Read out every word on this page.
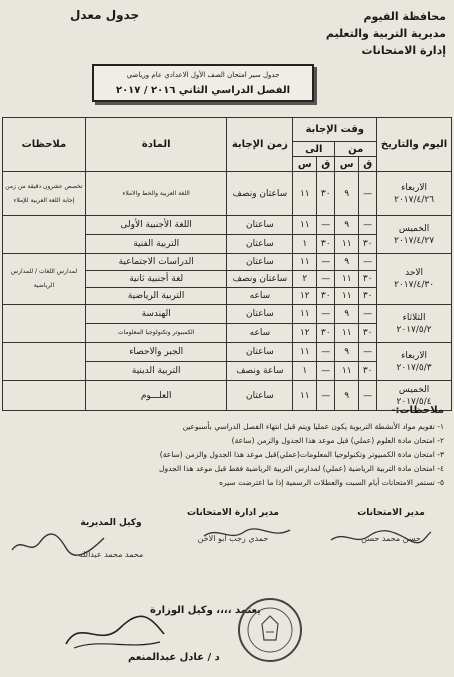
محافظة الفيوم
مديرية التربية والتعليم
إدارة الامتحانات
جدول معدل
جدول سير امتحان الصف الأول الاعدادي عام ورياضي
الفصل الدراسي الثاني ٢٠١٦ / ٢٠١٧
اليوم والتاريخ	وقت الإجابة				زمن الإجابة	المادة	ملاحظات
	من		الى				
	ق	س	ق	س			

الاربعاء
٢٠١٧/٤/٢٦	—	٩	٣٠	١١	ساعتان ونصف	اللغة العربية والخط والاملاء	تخصص عشرون دقيقة من زمن إجابة اللغة العربية للإملاء

الخميس
٢٠١٧/٤/٢٧	—	٩	—	١١	ساعتان	اللغة الأجنبية الأولى	
	٣٠	١١	٣٠	١	ساعتان	التربية الفنية	

الاحد
٢٠١٧/٤/٣٠	—	٩	—	١١	ساعتان	الدراسات الاجتماعية	لمدارس اللغات / للمدارس الرياضية
	٣٠	١١	—	٢	ساعتان ونصف	لغة أجنبية ثانية	
	٣٠	١١	٣٠	١٢	ساعه	التربية الرياضية	

الثلاثاء
٢٠١٧/٥/٢	—	٩	—	١١	ساعتان	الهندسة	
	٣٠	١١	٣٠	١٢	ساعه	الكمبيوتر وتكنولوجيا المعلومات	

الاربعاء
٢٠١٧/٥/٣	—	٩	—	١١	ساعتان	الجبر والاحصاء	
	٣٠	١١	—	١	ساعة ونصف	التربية الدينية	

الخميس
٢٠١٧/٥/٤	—	٩	—	١١	ساعتان	العلـــوم	
ملاحظات:-
١- تقويم مواد الأنشطة التربوية يكون عمليا ويتم قبل انتهاء الفصل الدراسي بأسبوعين
٢- امتحان مادة العلوم (عملي) قبل موعد هذا الجدول والزمن (ساعة)
٣- امتحان مادة الكمبيوتر وتكنولوجيا المعلومات(عملي)قبل موعد هذا الجدول والزمن (ساعة)
٤- امتحان مادة التربية الرياضية (عملي) لمدارس التربية الرياضية فقط قبل موعد هذا الجدول
٥- تستمر الامتحانات أيام السبت والعطلات الرسمية إذا ما اعترضت سيره
مدير الامتحانات
حسن محمد حسن
مدير ادارة الامتحانات
حمدي رجب ابو الاخن
وكيل المديرية
محمد محمد عبدالله
يعتمد ،،،، وكيل الوزارة
د / عادل عبدالمنعم
